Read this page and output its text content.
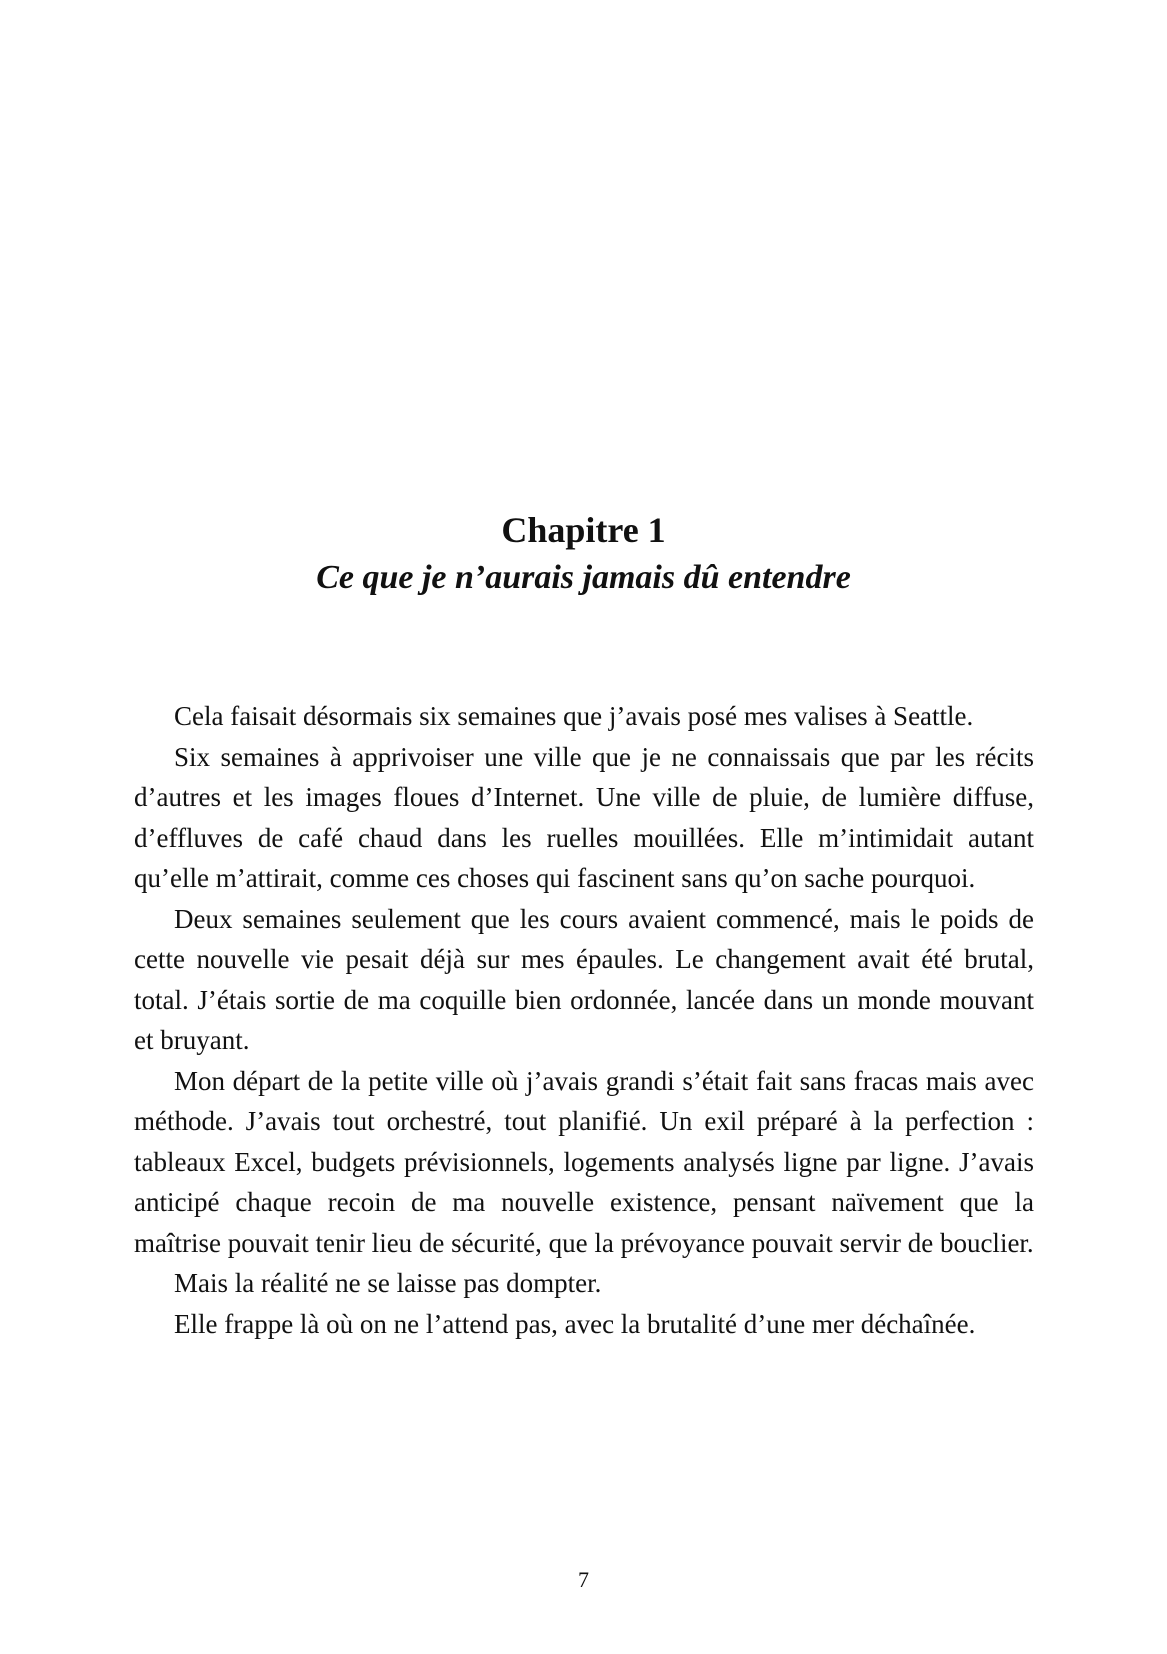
Chapitre 1
Ce que je n’aurais jamais dû entendre

Cela faisait désormais six semaines que j’avais posé mes valises à Seattle.

Six semaines à apprivoiser une ville que je ne connaissais que par les récits d’autres et les images floues d’Internet. Une ville de pluie, de lumière diffuse, d’effluves de café chaud dans les ruelles mouillées. Elle m’intimidait autant qu’elle m’attirait, comme ces choses qui fascinent sans qu’on sache pourquoi.

Deux semaines seulement que les cours avaient commencé, mais le poids de cette nouvelle vie pesait déjà sur mes épaules. Le changement avait été brutal, total. J’étais sortie de ma coquille bien ordonnée, lancée dans un monde mouvant et bruyant.

Mon départ de la petite ville où j’avais grandi s’était fait sans fracas mais avec méthode. J’avais tout orchestré, tout planifié. Un exil préparé à la perfection : tableaux Excel, budgets prévisionnels, logements analysés ligne par ligne. J’avais anticipé chaque recoin de ma nouvelle existence, pensant naïvement que la maîtrise pouvait tenir lieu de sécurité, que la prévoyance pouvait servir de bouclier.

Mais la réalité ne se laisse pas dompter.

Elle frappe là où on ne l’attend pas, avec la brutalité d’une mer déchaînée.

7
